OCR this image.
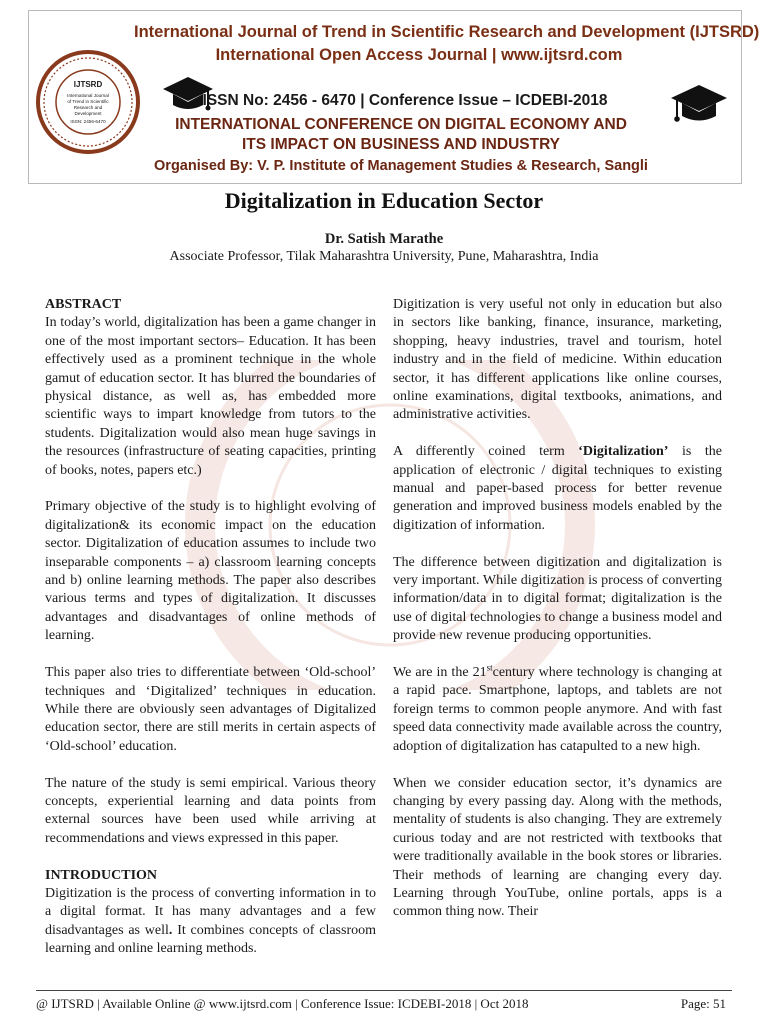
IJTSRD
International Journal
of Trend in Scientific
Research and
Development
ISSN: 2456-6470
International Journal of Trend in Scientific Research and Development (IJTSRD)
International Open Access Journal | www.ijtsrd.com
ISSN No: 2456 - 6470 | Conference Issue – ICDEBI-2018
INTERNATIONAL CONFERENCE ON DIGITAL ECONOMY AND
ITS IMPACT ON BUSINESS AND INDUSTRY
Organised By: V. P. Institute of Management Studies & Research, Sangli
Digitalization in Education Sector
Dr. Satish Marathe
Associate Professor, Tilak Maharashtra University, Pune, Maharashtra, India
ABSTRACT

In today’s world, digitalization has been a game changer in one of the most important sectors– Education. It has been effectively used as a prominent technique in the whole gamut of education sector. It has blurred the boundaries of physical distance, as well as, has embedded more scientific ways to impart knowledge from tutors to the students. Digitalization would also mean huge savings in the resources (infrastructure of seating capacities, printing of books, notes, papers etc.)

Primary objective of the study is to highlight evolving of digitalization& its economic impact on the education sector. Digitalization of education assumes to include two inseparable components – a) classroom learning concepts and b) online learning methods. The paper also describes various terms and types of digitalization. It discusses advantages and disadvantages of online methods of learning.

This paper also tries to differentiate between ‘Old-school’ techniques and ‘Digitalized’ techniques in education. While there are obviously seen advantages of Digitalized education sector, there are still merits in certain aspects of ‘Old-school’ education.

The nature of the study is semi empirical. Various theory concepts, experiential learning and data points from external sources have been used while arriving at recommendations and views expressed in this paper.

INTRODUCTION

Digitization is the process of converting information in to a digital format. It has many advantages and a few disadvantages as well. It combines concepts of classroom learning and online learning methods.

Digitization is very useful not only in education but also in sectors like banking, finance, insurance, marketing, shopping, heavy industries, travel and tourism, hotel industry and in the field of medicine. Within education sector, it has different applications like online courses, online examinations, digital textbooks, animations, and administrative activities.

A differently coined term ‘Digitalization’ is the application of electronic / digital techniques to existing manual and paper-based process for better revenue generation and improved business models enabled by the digitization of information.

The difference between digitization and digitalization is very important. While digitization is process of converting information/data in to digital format; digitalization is the use of digital technologies to change a business model and provide new revenue producing opportunities.

We are in the 21stcentury where technology is changing at a rapid pace. Smartphone, laptops, and tablets are not foreign terms to common people anymore. And with fast speed data connectivity made available across the country, adoption of digitalization has catapulted to a new high.

When we consider education sector, it’s dynamics are changing by every passing day. Along with the methods, mentality of students is also changing. They are extremely curious today and are not restricted with textbooks that were traditionally available in the book stores or libraries. Their methods of learning are changing every day. Learning through YouTube, online portals, apps is a common thing now. Their

@ IJTSRD | Available Online @ www.ijtsrd.com | Conference Issue: ICDEBI-2018 | Oct 2018	Page: 51
